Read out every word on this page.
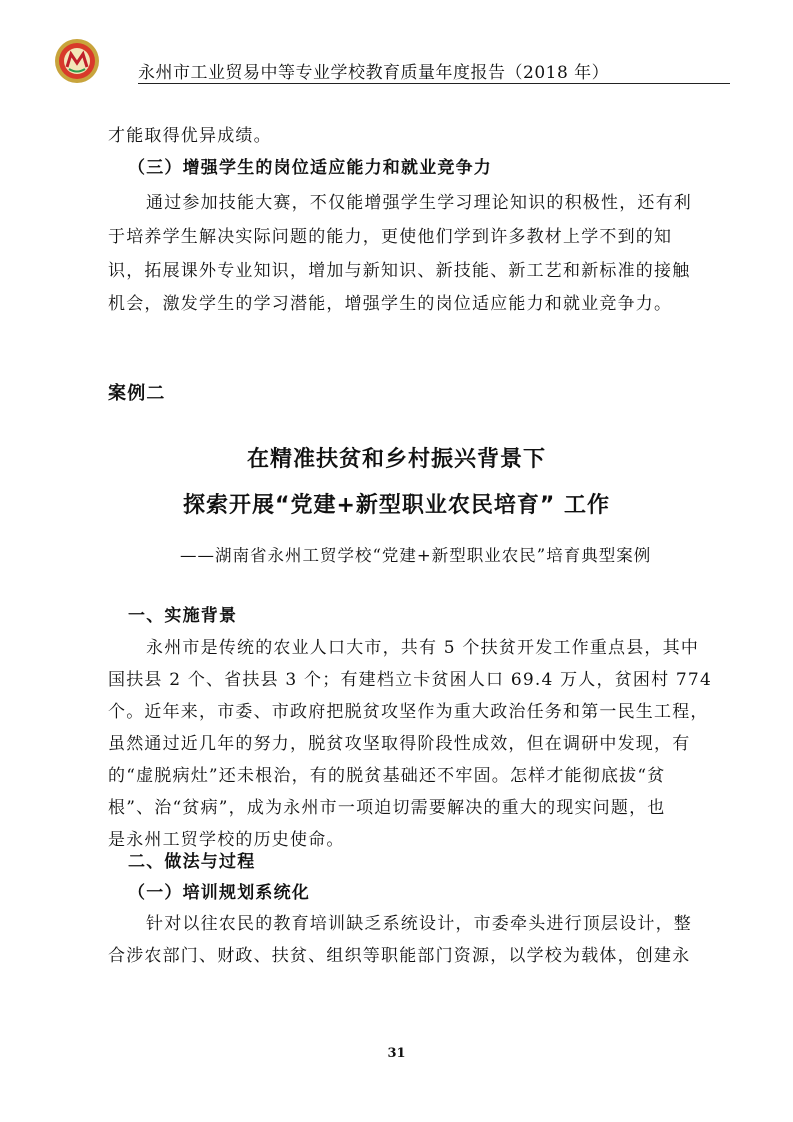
永州市工业贸易中等专业学校教育质量年度报告（2018 年）
才能取得优异成绩。
（三）增强学生的岗位适应能力和就业竞争力
通过参加技能大赛，不仅能增强学生学习理论知识的积极性，还有利
于培养学生解决实际问题的能力，更使他们学到许多教材上学不到的知
识，拓展课外专业知识，增加与新知识、新技能、新工艺和新标准的接触
机会，激发学生的学习潜能，增强学生的岗位适应能力和就业竞争力。
案例二
在精准扶贫和乡村振兴背景下
探索开展“党建+新型职业农民培育” 工作
——湖南省永州工贸学校“党建+新型职业农民”培育典型案例
一、实施背景
永州市是传统的农业人口大市，共有 5 个扶贫开发工作重点县，其中
国扶县 2 个、省扶县 3 个；有建档立卡贫困人口 69.4 万人，贫困村 774
个。近年来，市委、市政府把脱贫攻坚作为重大政治任务和第一民生工程，
虽然通过近几年的努力，脱贫攻坚取得阶段性成效，但在调研中发现，有
的“虚脱病灶”还未根治，有的脱贫基础还不牢固。怎样才能彻底拔“贫
根”、治“贫病”，成为永州市一项迫切需要解决的重大的现实问题，也
是永州工贸学校的历史使命。
二、做法与过程
（一）培训规划系统化
针对以往农民的教育培训缺乏系统设计，市委牵头进行顶层设计，整
合涉农部门、财政、扶贫、组织等职能部门资源，以学校为载体，创建永
31
